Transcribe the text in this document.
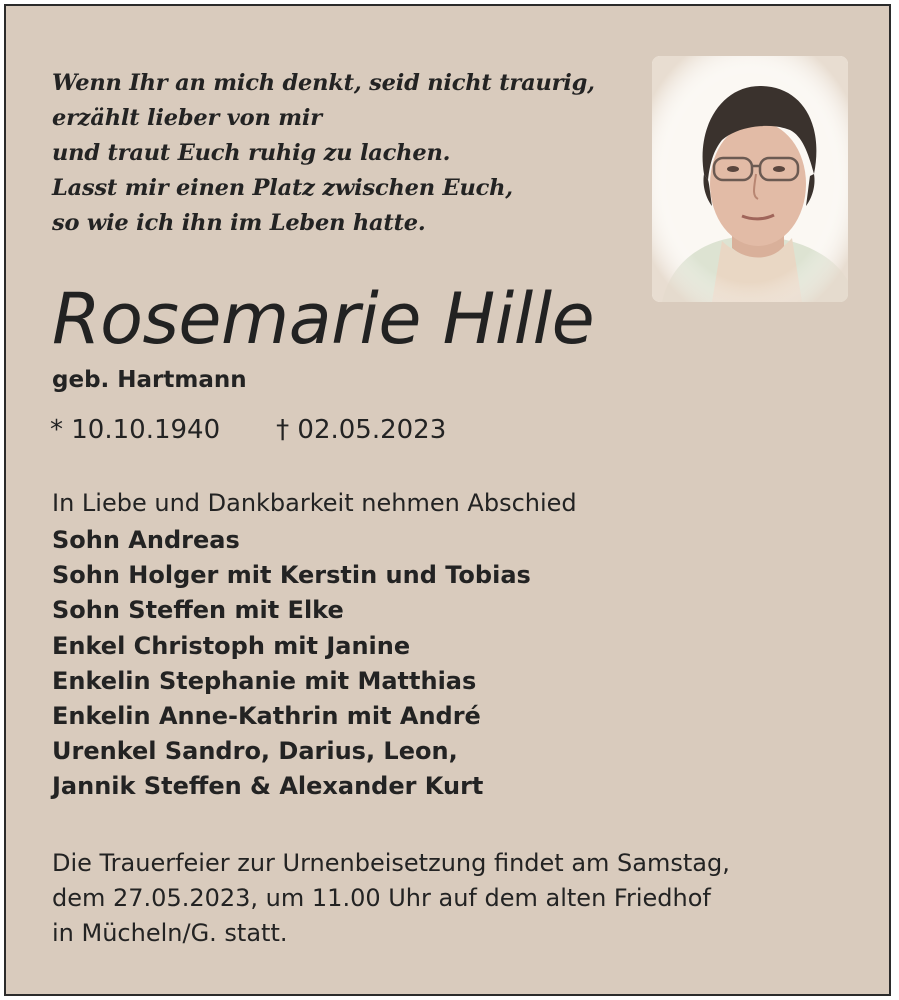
Wenn Ihr an mich denkt, seid nicht traurig,
erzählt lieber von mir
und traut Euch ruhig zu lachen.
Lasst mir einen Platz zwischen Euch,
so wie ich ihn im Leben hatte.
Rosemarie Hille
geb. Hartmann
* 10.10.1940 † 02.05.2023
In Liebe und Dankbarkeit nehmen Abschied
Sohn Andreas
Sohn Holger mit Kerstin und Tobias
Sohn Steffen mit Elke
Enkel Christoph mit Janine
Enkelin Stephanie mit Matthias
Enkelin Anne-Kathrin mit André
Urenkel Sandro, Darius, Leon,
Jannik Steffen & Alexander Kurt
Die Trauerfeier zur Urnenbeisetzung findet am Samstag,
dem 27.05.2023, um 11.00 Uhr auf dem alten Friedhof
in Mücheln/G. statt.
